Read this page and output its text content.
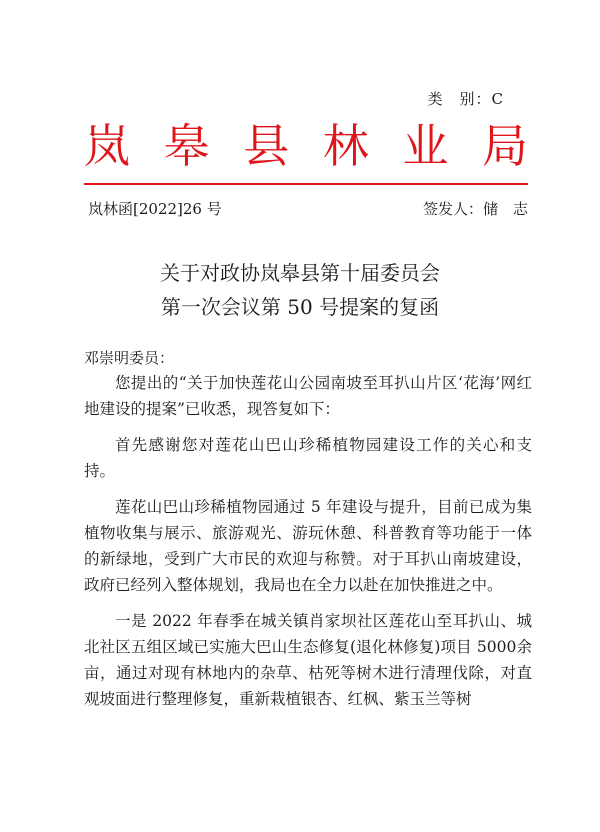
类　别：C
岚 皋 县 林 业 局
岚林函[2022]26 号	签发人：储　志
关于对政协岚皋县第十届委员会
第一次会议第 50 号提案的复函
邓崇明委员：

您提出的“关于加快莲花山公园南坡至耳扒山片区‘花海’网红地建设的提案”已收悉，现答复如下：

首先感谢您对莲花山巴山珍稀植物园建设工作的关心和支持。

莲花山巴山珍稀植物园通过 5 年建设与提升，目前已成为集植物收集与展示、旅游观光、游玩休憩、科普教育等功能于一体的新绿地，受到广大市民的欢迎与称赞。对于耳扒山南坡建设，政府已经列入整体规划，我局也在全力以赴在加快推进之中。

一是 2022 年春季在城关镇肖家坝社区莲花山至耳扒山、城北社区五组区域已实施大巴山生态修复(退化林修复)项目 5000余亩，通过对现有林地内的杂草、枯死等树木进行清理伐除，对直观坡面进行整理修复，重新栽植银杏、红枫、紫玉兰等树
